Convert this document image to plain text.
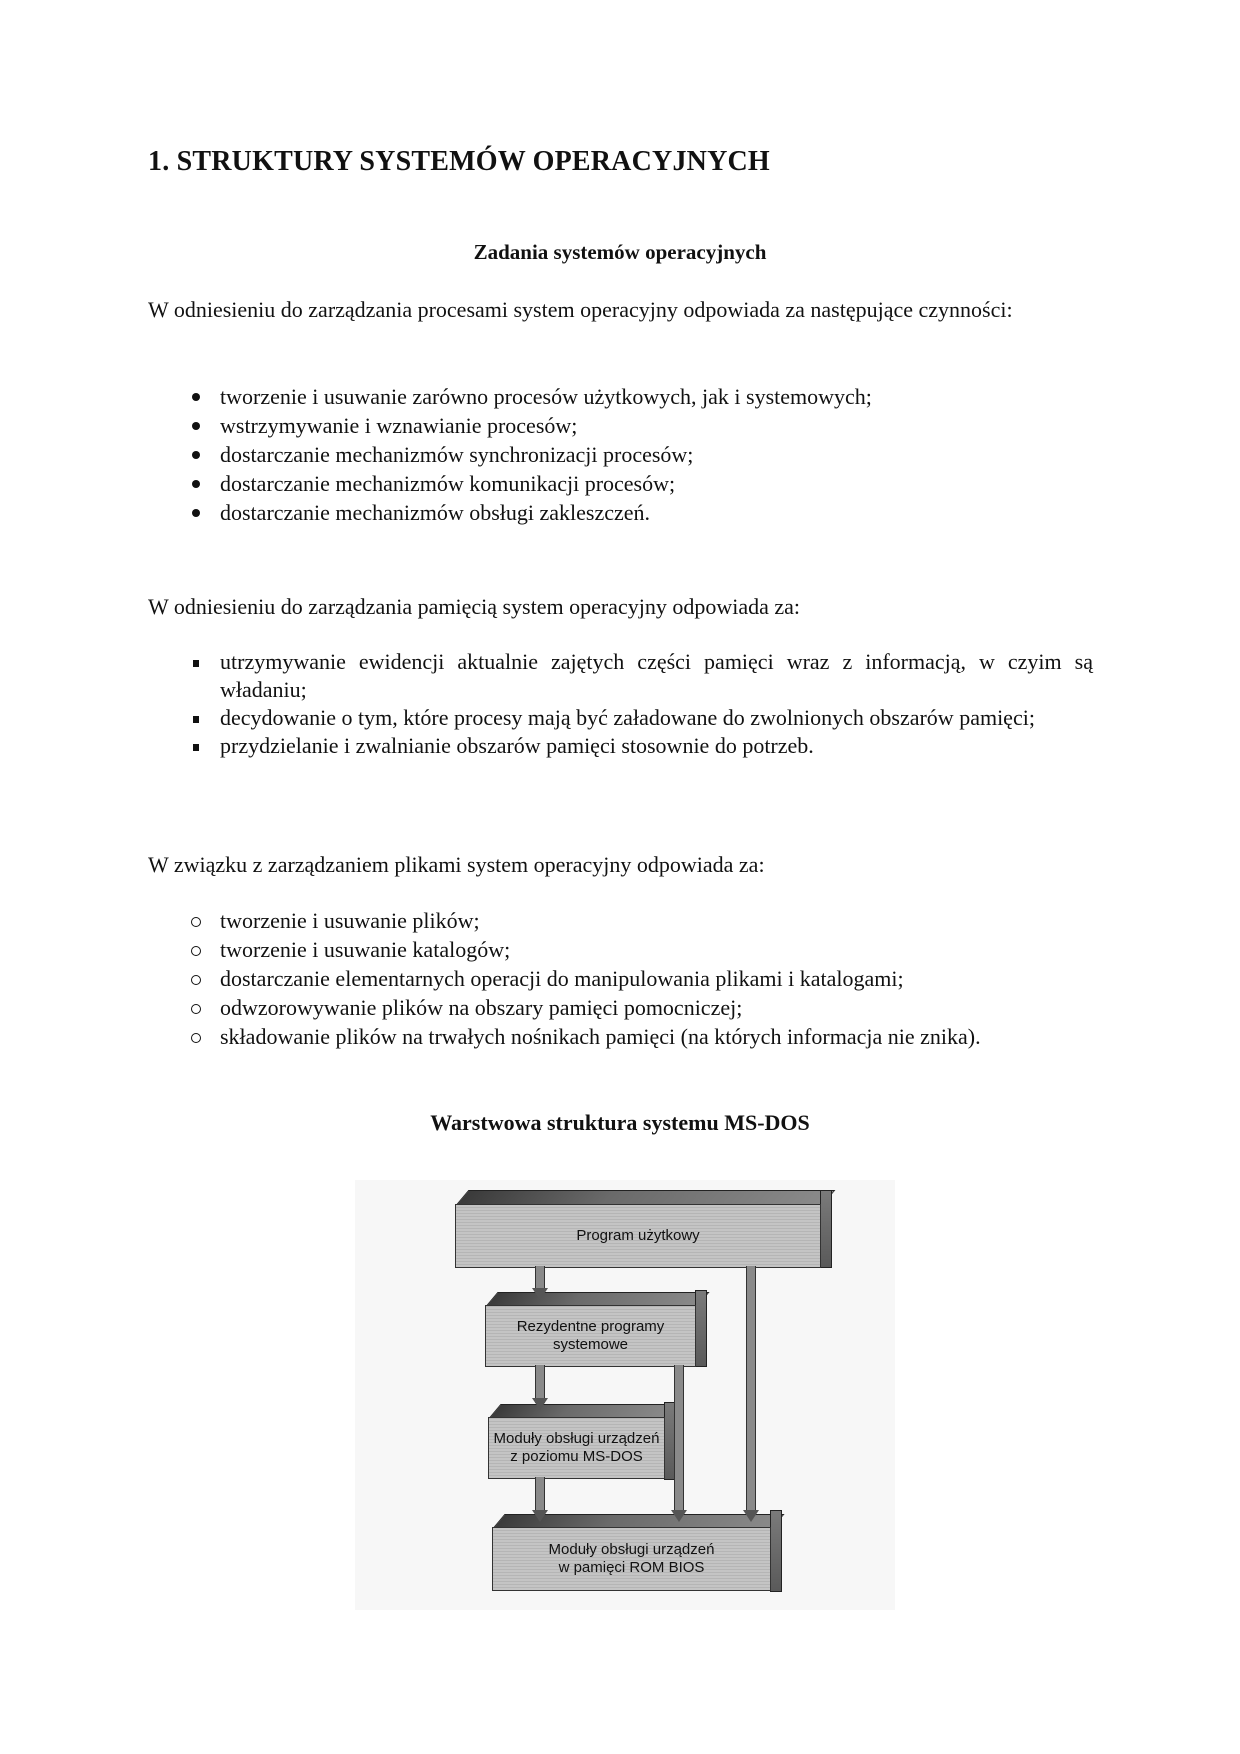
1. STRUKTURY SYSTEMÓW OPERACYJNYCH
Zadania systemów operacyjnych
W odniesieniu do zarządzania procesami system operacyjny odpowiada za następujące czynności:
tworzenie i usuwanie zarówno procesów użytkowych, jak i systemowych;
wstrzymywanie i wznawianie procesów;
dostarczanie mechanizmów synchronizacji procesów;
dostarczanie mechanizmów komunikacji procesów;
dostarczanie mechanizmów obsługi zakleszczeń.
W odniesieniu do zarządzania pamięcią system operacyjny odpowiada za:
utrzymywanie ewidencji aktualnie zajętych części pamięci wraz z informacją, w czyim są władaniu;
decydowanie o tym, które procesy mają być załadowane do zwolnionych obszarów pamięci;
przydzielanie i zwalnianie obszarów pamięci stosownie do potrzeb.
W związku z zarządzaniem plikami system operacyjny odpowiada za:
tworzenie i usuwanie plików;
tworzenie i usuwanie katalogów;
dostarczanie elementarnych operacji do manipulowania plikami i katalogami;
odwzorowywanie plików na obszary pamięci pomocniczej;
składowanie plików na trwałych nośnikach pamięci (na których informacja nie znika).
Warstwowa struktura systemu MS-DOS
Program użytkowy
Rezydentne programy
systemowe
Moduły obsługi urządzeń
z poziomu MS-DOS
Moduły obsługi urządzeń
w pamięci ROM BIOS
